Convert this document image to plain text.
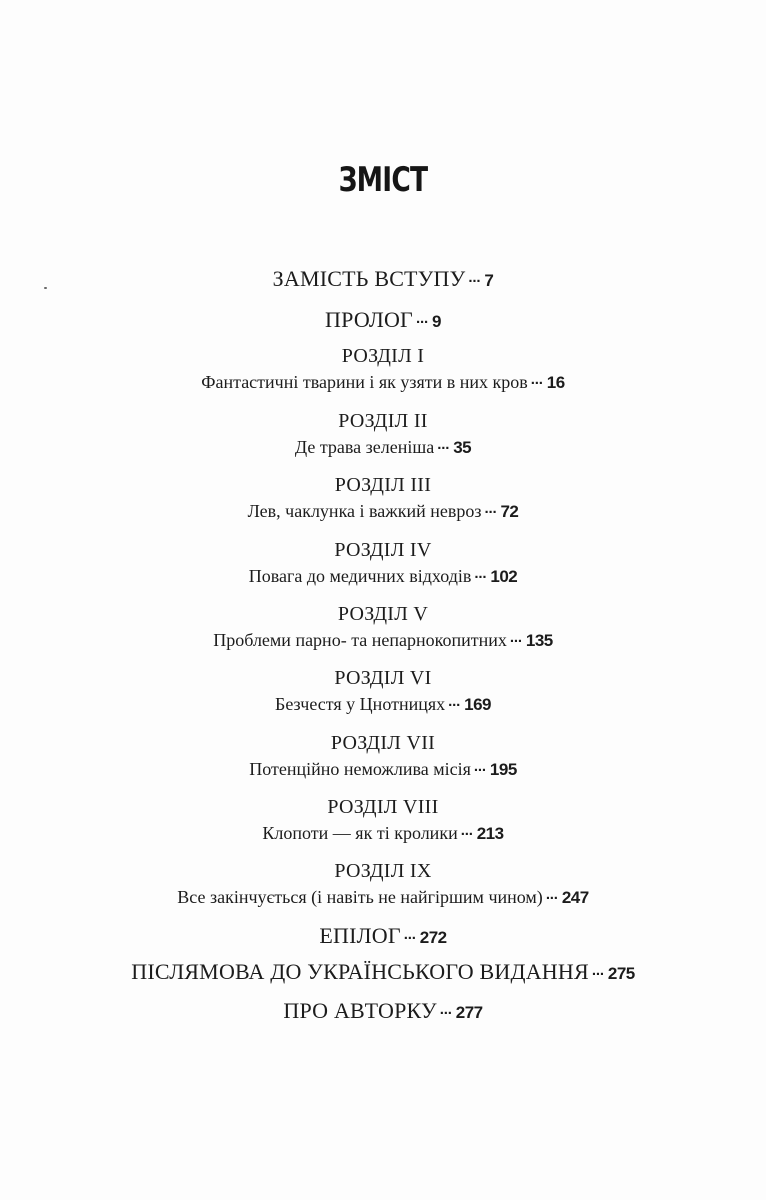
ЗМІСТ
ЗАМІСТЬ ВСТУПУ ··· 7
ПРОЛОГ ··· 9
РОЗДІЛ I
Фантастичні тварини і як узяти в них кров ··· 16
РОЗДІЛ II
Де трава зеленіша ··· 35
РОЗДІЛ III
Лев, чаклунка і важкий невроз ··· 72
РОЗДІЛ IV
Повага до медичних відходів ··· 102
РОЗДІЛ V
Проблеми парно- та непарнокопитних ··· 135
РОЗДІЛ VI
Безчестя у Цнотницях ··· 169
РОЗДІЛ VII
Потенційно неможлива місія ··· 195
РОЗДІЛ VIII
Клопоти — як ті кролики ··· 213
РОЗДІЛ IX
Все закінчується (і навіть не найгіршим чином) ··· 247
ЕПІЛОГ ··· 272
ПІСЛЯМОВА ДО УКРАЇНСЬКОГО ВИДАННЯ ··· 275
ПРО АВТОРКУ ··· 277
